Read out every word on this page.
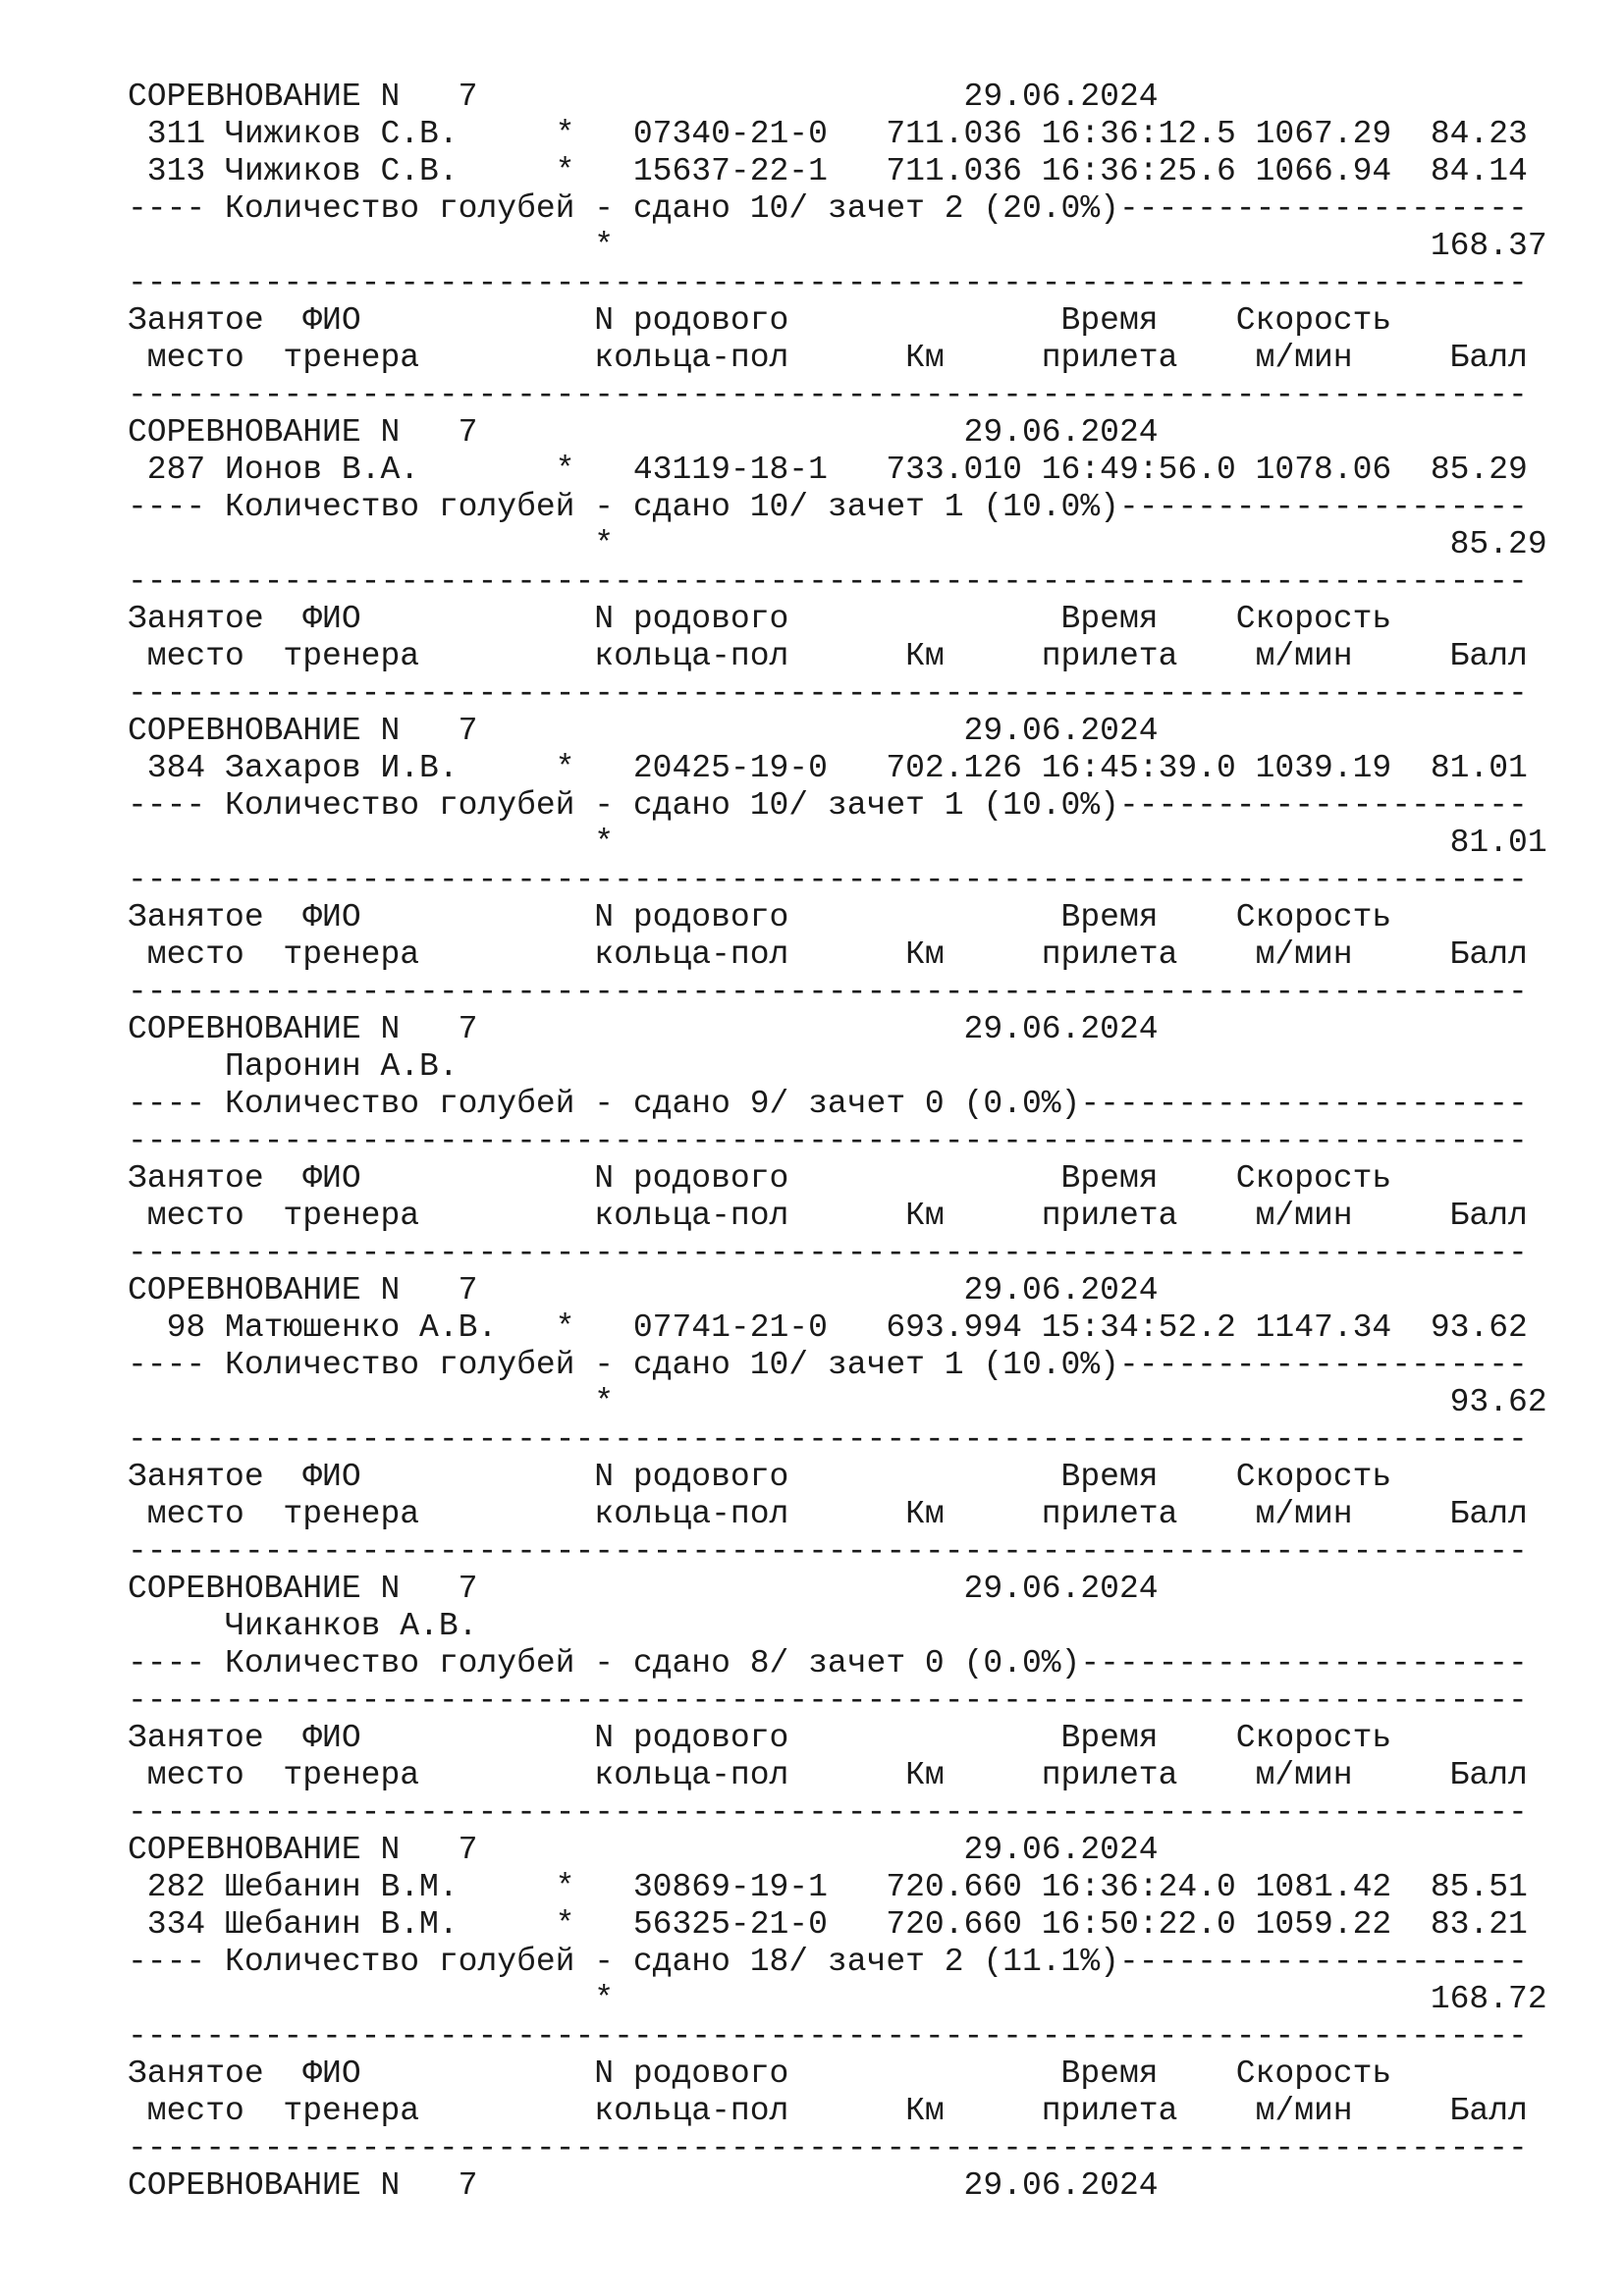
СОРЕВНОВАНИЕ N   7                         29.06.2024
311 Чижиков С.В.     *   07340-21-0   711.036 16:36:12.5 1067.29  84.23
313 Чижиков С.В.     *   15637-22-1   711.036 16:36:25.6 1066.94  84.14
---- Количество голубей - сдано 10/ зачет 2 (20.0%)---------------------
*                                          168.37
------------------------------------------------------------------------
Занятое  ФИО            N родового              Время    Скорость
место  тренера         кольца-пол      Км     прилета    м/мин     Балл
------------------------------------------------------------------------
СОРЕВНОВАНИЕ N   7                         29.06.2024
287 Ионов В.А.       *   43119-18-1   733.010 16:49:56.0 1078.06  85.29
---- Количество голубей - сдано 10/ зачет 1 (10.0%)---------------------
*                                           85.29
------------------------------------------------------------------------
Занятое  ФИО            N родового              Время    Скорость
место  тренера         кольца-пол      Км     прилета    м/мин     Балл
------------------------------------------------------------------------
СОРЕВНОВАНИЕ N   7                         29.06.2024
384 Захаров И.В.     *   20425-19-0   702.126 16:45:39.0 1039.19  81.01
---- Количество голубей - сдано 10/ зачет 1 (10.0%)---------------------
*                                           81.01
------------------------------------------------------------------------
Занятое  ФИО            N родового              Время    Скорость
место  тренера         кольца-пол      Км     прилета    м/мин     Балл
------------------------------------------------------------------------
СОРЕВНОВАНИЕ N   7                         29.06.2024
Паронин А.В.
---- Количество голубей - сдано 9/ зачет 0 (0.0%)-----------------------
------------------------------------------------------------------------
Занятое  ФИО            N родового              Время    Скорость
место  тренера         кольца-пол      Км     прилета    м/мин     Балл
------------------------------------------------------------------------
СОРЕВНОВАНИЕ N   7                         29.06.2024
98 Матюшенко А.В.   *   07741-21-0   693.994 15:34:52.2 1147.34  93.62
---- Количество голубей - сдано 10/ зачет 1 (10.0%)---------------------
*                                           93.62
------------------------------------------------------------------------
Занятое  ФИО            N родового              Время    Скорость
место  тренера         кольца-пол      Км     прилета    м/мин     Балл
------------------------------------------------------------------------
СОРЕВНОВАНИЕ N   7                         29.06.2024
Чиканков А.В.
---- Количество голубей - сдано 8/ зачет 0 (0.0%)-----------------------
------------------------------------------------------------------------
Занятое  ФИО            N родового              Время    Скорость
место  тренера         кольца-пол      Км     прилета    м/мин     Балл
------------------------------------------------------------------------
СОРЕВНОВАНИЕ N   7                         29.06.2024
282 Шебанин В.М.     *   30869-19-1   720.660 16:36:24.0 1081.42  85.51
334 Шебанин В.М.     *   56325-21-0   720.660 16:50:22.0 1059.22  83.21
---- Количество голубей - сдано 18/ зачет 2 (11.1%)---------------------
*                                          168.72
------------------------------------------------------------------------
Занятое  ФИО            N родового              Время    Скорость
место  тренера         кольца-пол      Км     прилета    м/мин     Балл
------------------------------------------------------------------------
СОРЕВНОВАНИЕ N   7                         29.06.2024
